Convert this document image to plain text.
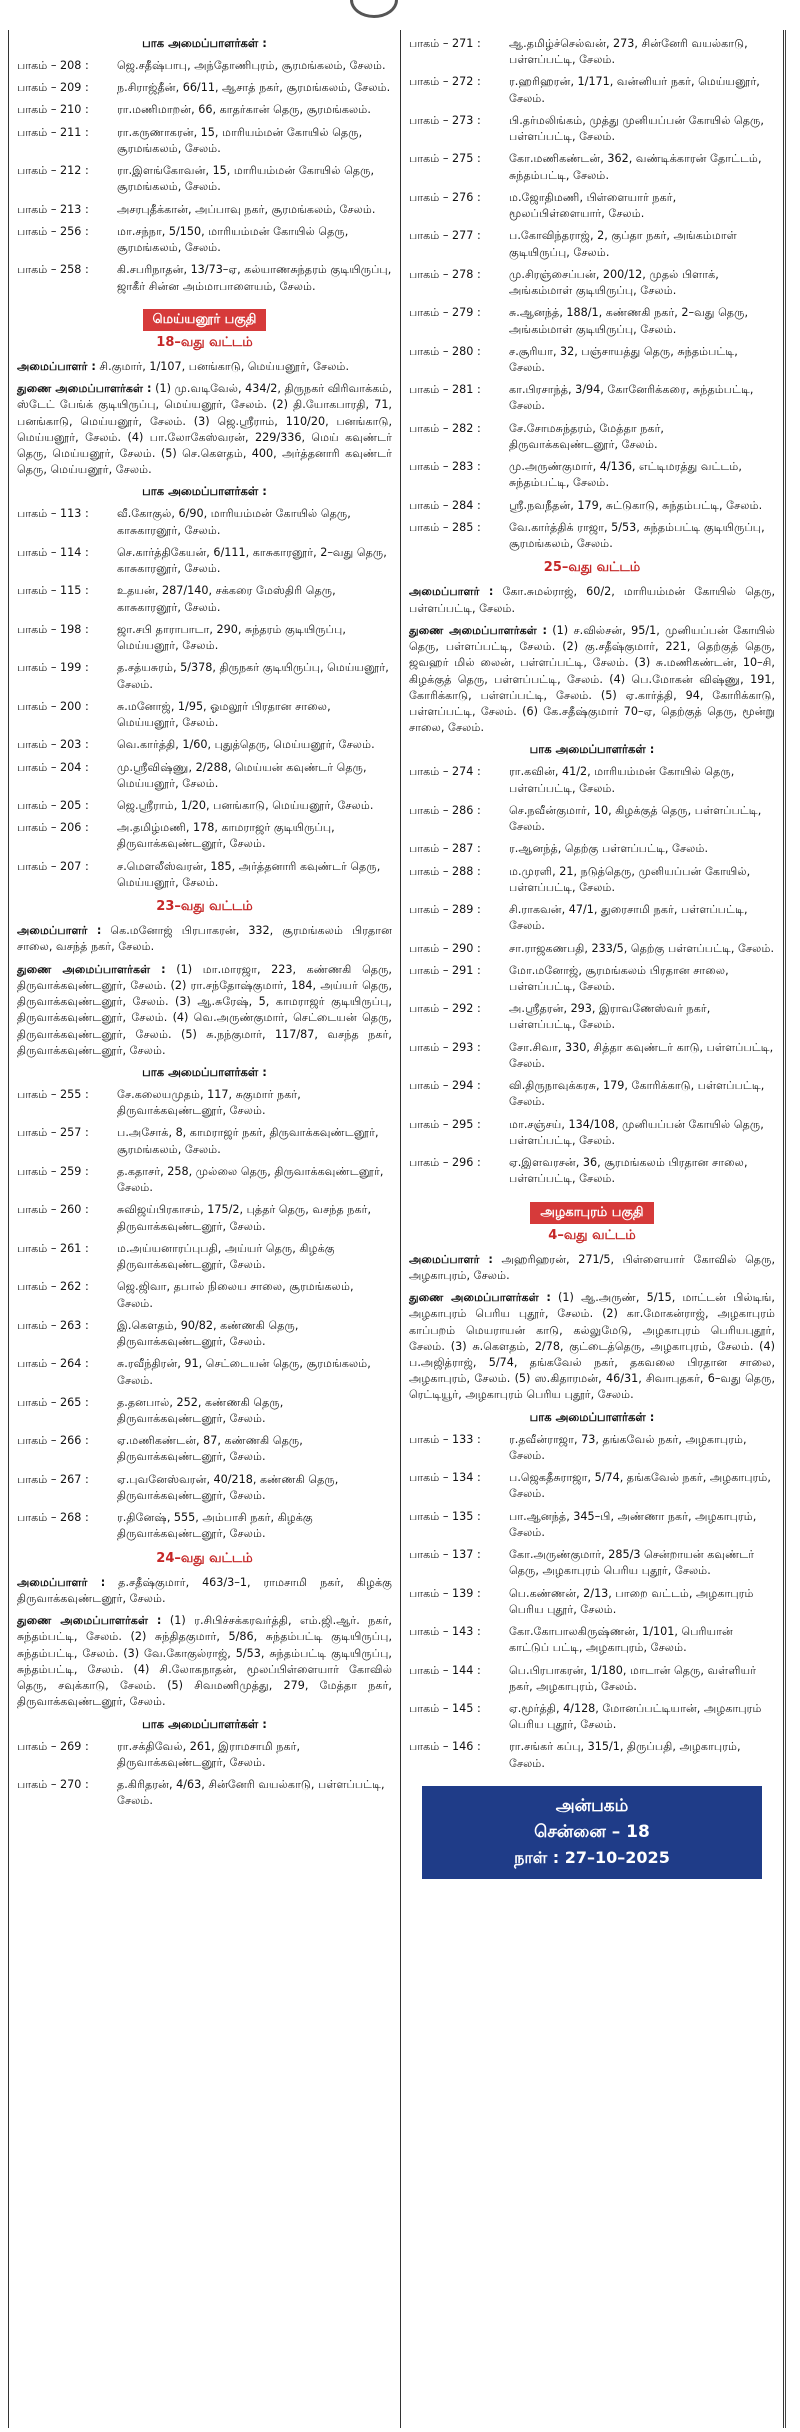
பாக அமைப்பாளர்கள் :
பாகம் – 208 :	ஜெ.சதீஷ்பாபு, அந்தோணிபுரம், சூரமங்கலம், சேலம்.
பாகம் – 209 :	ந.சிராஜ்தீன், 66/11, ஆசாத் நகர், சூரமங்கலம், சேலம்.
பாகம் – 210 :	ரா.மணிமாறன், 66, காதர்கான் தெரு, சூரமங்கலம்.
பாகம் – 211 :	ரா.கருணாகரன், 15, மாரியம்மன் கோயில் தெரு, சூரமங்கலம், சேலம்.
பாகம் – 212 :	ரா.இளங்கோவன், 15, மாரியம்மன் கோயில் தெரு, சூரமங்கலம், சேலம்.
பாகம் – 213 :	அசரபுதீக்கான், அப்பாவு நகர், சூரமங்கலம், சேலம்.
பாகம் – 256 :	மா.சந்நா, 5/150, மாரியம்மன் கோயில் தெரு, சூரமங்கலம், சேலம்.
பாகம் – 258 :	கி.சபரிநாதன், 13/73–ஏ, கல்யாணசுந்தரம் குடியிருப்பு, ஜாகீர் சின்ன அம்மாபாளையம், சேலம்.
மெய்யனூர் பகுதி
18–வது வட்டம்
அமைப்பாளர் : சி.குமார், 1/107, பனங்காடு, மெய்யனூர், சேலம்.
துணை அமைப்பாளர்கள் : (1) மு.வடிவேல், 434/2, திருநகர் விரிவாக்கம், ஸ்டேட் பேங்க் குடியிருப்பு, மெய்யனூர், சேலம். (2) தி.யோகபாரதி, 71, பனங்காடு, மெய்யனூர், சேலம். (3) ஜெ.ஸ்ரீராம், 110/20, பனங்காடு, மெய்யனூர், சேலம். (4) பா.லோகேஸ்வரன், 229/336, மெய் கவுண்டர் தெரு, மெய்யனூர், சேலம். (5) செ.கௌதம், 400, அர்த்தனாரி கவுண்டர் தெரு, மெய்யனூர், சேலம்.
பாக அமைப்பாளர்கள் :
பாகம் – 113 :	வீ.கோகுல், 6/90, மாரியம்மன் கோயில் தெரு, காசுகாரனூர், சேலம்.
பாகம் – 114 :	செ.கார்த்திகேயன், 6/111, காசுகாரனூர், 2–வது தெரு, காசுகாரனூர், சேலம்.
பாகம் – 115 :	உதயன், 287/140, சக்கரை மேஸ்திரி தெரு, காசுகாரனூர், சேலம்.
பாகம் – 198 :	ஜா.சபி தாராபாடா, 290, சுந்தரம் குடியிருப்பு, மெய்யனூர், சேலம்.
பாகம் – 199 :	த.சத்யசுரம், 5/378, திருநகர் குடியிருப்பு, மெய்யனூர், சேலம்.
பாகம் – 200 :	சு.மனோஜ், 1/95, ஓமலூர் பிரதான சாலை, மெய்யனூர், சேலம்.
பாகம் – 203 :	வெ.கார்த்தி, 1/60, புதுத்தெரு, மெய்யனூர், சேலம்.
பாகம் – 204 :	மு.ஸ்ரீவிஷ்ணு, 2/288, மெய்யன் கவுண்டர் தெரு, மெய்யனூர், சேலம்.
பாகம் – 205 :	ஜெ.ஸ்ரீராம், 1/20, பனங்காடு, மெய்யனூர், சேலம்.
பாகம் – 206 :	அ.தமிழ்மணி, 178, காமராஜர் குடியிருப்பு, திருவாக்கவுண்டனூர், சேலம்.
பாகம் – 207 :	ச.மெளலீஸ்வரன், 185, அர்த்தனாரி கவுண்டர் தெரு, மெய்யனூர், சேலம்.
23–வது வட்டம்
அமைப்பாளர் : கெ.மனோஜ் பிரபாகரன், 332, சூரமங்கலம் பிரதான சாலை, வசந்த் நகர், சேலம்.
துணை அமைப்பாளர்கள் : (1) மா.மாரஜா, 223, கண்ணகி தெரு, திருவாக்கவுண்டனூர், சேலம். (2) ரா.சந்தோஷ்குமார், 184, அய்யர் தெரு, திருவாக்கவுண்டனூர், சேலம். (3) ஆ.சுரேஷ், 5, காமராஜர் குடியிருப்பு, திருவாக்கவுண்டனூர், சேலம். (4) வெ.அருண்குமார், செட்டையன் தெரு, திருவாக்கவுண்டனூர், சேலம். (5) சு.நந்குமார், 117/87, வசந்த நகர், திருவாக்கவுண்டனூர், சேலம்.
பாக அமைப்பாளர்கள் :
பாகம் – 255 :	சே.கலையமுதம், 117, சுகுமார் நகர், திருவாக்கவுண்டனூர், சேலம்.
பாகம் – 257 :	ப.அசோக், 8, காமராஜர் நகர், திருவாக்கவுண்டனூர், சூரமங்கலம், சேலம்.
பாகம் – 259 :	த.கதாசர், 258, முல்லை தெரு, திருவாக்கவுண்டனூர், சேலம்.
பாகம் – 260 :	சுவிஜய்பிரகாசம், 175/2, புத்தர் தெரு, வசந்த நகர், திருவாக்கவுண்டனூர், சேலம்.
பாகம் – 261 :	ம.அய்யனாரப்புபதி, அய்யர் தெரு, கிழக்கு திருவாக்கவுண்டனூர், சேலம்.
பாகம் – 262 :	ஜெ.ஜிவா, தபால் நிலைய சாலை, சூரமங்கலம், சேலம்.
பாகம் – 263 :	இ.கௌதம், 90/82, கண்ணகி தெரு, திருவாக்கவுண்டனூர், சேலம்.
பாகம் – 264 :	சு.ரவீந்திரன், 91, செட்டையன் தெரு, சூரமங்கலம், சேலம்.
பாகம் – 265 :	த.தனபால், 252, கண்ணகி தெரு, திருவாக்கவுண்டனூர், சேலம்.
பாகம் – 266 :	ஏ.மணிகண்டன், 87, கண்ணகி தெரு, திருவாக்கவுண்டனூர், சேலம்.
பாகம் – 267 :	ஏ.புவனேஸ்வரன், 40/218, கண்ணகி தெரு, திருவாக்கவுண்டனூர், சேலம்.
பாகம் – 268 :	ர.தினேஷ், 555, அம்பாசி நகர், கிழக்கு திருவாக்கவுண்டனூர், சேலம்.
24–வது வட்டம்
அமைப்பாளர் : த.சதீஷ்குமார், 463/3–1, ராமசாமி நகர், கிழக்கு திருவாக்கவுண்டனூர், சேலம்.
துணை அமைப்பாளர்கள் : (1) ர.சிபிச்சக்கரவர்த்தி, எம்.ஜி.ஆர். நகர், சுந்தம்பட்டி, சேலம். (2) சுந்திதகுமார், 5/86, சுந்தம்பட்டி குடியிருப்பு, சுந்தம்பட்டி, சேலம். (3) வே.கோகுல்ராஜ், 5/53, சுந்தம்பட்டி குடியிருப்பு, சுந்தம்பட்டி, சேலம். (4) சி.லோகநாதன், மூலப்பிள்ளையார் கோவில் தெரு, சவுக்காடு, சேலம். (5) சிவமணிமுத்து, 279, மேத்தா நகர், திருவாக்கவுண்டனூர், சேலம்.
பாக அமைப்பாளர்கள் :
பாகம் – 269 :	ரா.சக்திவேல், 261, இராமசாமி நகர், திருவாக்கவுண்டனூர், சேலம்.
பாகம் – 270 :	த.கிரிதரன், 4/63, சின்னேரி வயல்காடு, பள்ளப்பட்டி, சேலம்.
பாகம் – 271 :	ஆ.தமிழ்ச்செல்வன், 273, சின்னேரி வயல்காடு, பள்ளப்பட்டி, சேலம்.
பாகம் – 272 :	ர.ஹரிஹரன், 1/171, வன்னியர் நகர், மெய்யனூர், சேலம்.
பாகம் – 273 :	பி.தர்மலிங்கம், முத்து முனியப்பன் கோயில் தெரு, பள்ளப்பட்டி, சேலம்.
பாகம் – 275 :	கோ.மணிகண்டன், 362, வண்டிக்காரன் தோட்டம், சுந்தம்பட்டி, சேலம்.
பாகம் – 276 :	ம.ஜோதிமணி, பிள்ளையார் நகர், மூலப்பிள்ளையார், சேலம்.
பாகம் – 277 :	ப.கோவிந்தராஜ், 2, குப்தா நகர், அங்கம்மாள் குடியிருப்பு, சேலம்.
பாகம் – 278 :	மு.சிரஞ்சைப்பன், 200/12, முதல் பிளாக், அங்கம்மாள் குடியிருப்பு, சேலம்.
பாகம் – 279 :	சு.ஆனந்த், 188/1, கண்ணகி நகர், 2–வது தெரு, அங்கம்மாள் குடியிருப்பு, சேலம்.
பாகம் – 280 :	ச.சூரியா, 32, பஞ்சாயத்து தெரு, சுந்தம்பட்டி, சேலம்.
பாகம் – 281 :	கா.பிரசாந்த், 3/94, கோனேரிக்கரை, சுந்தம்பட்டி, சேலம்.
பாகம் – 282 :	சே.சோமசுந்தரம், மேத்தா நகர், திருவாக்கவுண்டனூர், சேலம்.
பாகம் – 283 :	மு.அருண்குமார், 4/136, எட்டிமரத்து வட்டம், சுந்தம்பட்டி, சேலம்.
பாகம் – 284 :	ஸ்ரீ.நவநீதன், 179, சுட்டுகாடு, சுந்தம்பட்டி, சேலம்.
பாகம் – 285 :	வே.கார்த்திக் ராஜா, 5/53, சுந்தம்பட்டி குடியிருப்பு, சூரமங்கலம், சேலம்.
25–வது வட்டம்
அமைப்பாளர் : கோ.சுமல்ராஜ், 60/2, மாரியம்மன் கோயில் தெரு, பள்ளப்பட்டி, சேலம்.
துணை அமைப்பாளர்கள் : (1) ச.வில்சன், 95/1, முனியப்பன் கோயில் தெரு, பள்ளப்பட்டி, சேலம். (2) கு.சதீஷ்குமார், 221, தெற்குத் தெரு, ஜவஹர் மில் லைன், பள்ளப்பட்டி, சேலம். (3) சு.மணிகண்டன், 10–சி, கிழக்குத் தெரு, பள்ளப்பட்டி, சேலம். (4) பெ.மோகன் விஷ்ணு, 191, கோரிக்காடு, பள்ளப்பட்டி, சேலம். (5) ஏ.கார்த்தி, 94, கோரிக்காடு, பள்ளப்பட்டி, சேலம். (6) கே.சதீஷ்குமார் 70–ஏ, தெற்குத் தெரு, மூன்று சாலை, சேலம்.
பாக அமைப்பாளர்கள் :
பாகம் – 274 :	ரா.கவின், 41/2, மாரியம்மன் கோயில் தெரு, பள்ளப்பட்டி, சேலம்.
பாகம் – 286 :	செ.நவீன்குமார், 10, கிழக்குத் தெரு, பள்ளப்பட்டி, சேலம்.
பாகம் – 287 :	ர.ஆனந்த், தெற்கு பள்ளப்பட்டி, சேலம்.
பாகம் – 288 :	ம.முரளி, 21, நடுத்தெரு, முனியப்பன் கோயில், பள்ளப்பட்டி, சேலம்.
பாகம் – 289 :	சி.ராகவன், 47/1, துரைசாமி நகர், பள்ளப்பட்டி, சேலம்.
பாகம் – 290 :	சா.ராஜகணபதி, 233/5, தெற்கு பள்ளப்பட்டி, சேலம்.
பாகம் – 291 :	மோ.மனோஜ், சூரமங்கலம் பிரதான சாலை, பள்ளப்பட்டி, சேலம்.
பாகம் – 292 :	அ.ஸ்ரீதரன், 293, இராவணேஸ்வர் நகர், பள்ளப்பட்டி, சேலம்.
பாகம் – 293 :	சோ.சிவா, 330, சித்தா கவுண்டர் காடு, பள்ளப்பட்டி, சேலம்.
பாகம் – 294 :	வி.திருநாவுக்கரசு, 179, கோரிக்காடு, பள்ளப்பட்டி, சேலம்.
பாகம் – 295 :	மா.சஞ்சய், 134/108, முனியப்பன் கோயில் தெரு, பள்ளப்பட்டி, சேலம்.
பாகம் – 296 :	ஏ.இளவரசன், 36, சூரமங்கலம் பிரதான சாலை, பள்ளப்பட்டி, சேலம்.
அழகாபுரம் பகுதி
4–வது வட்டம்
அமைப்பாளர் : அஹரிஹரன், 271/5, பிள்ளையார் கோவில் தெரு, அழகாபுரம், சேலம்.
துணை அமைப்பாளர்கள் : (1) ஆ.அருண், 5/15, மாட்டன் பில்டிங், அழகாபுரம் பெரிய புதூர், சேலம். (2) கா.மோகன்ராஜ், அழகாபுரம் காப்பறம் மெயராயன் காடு, கல்லுமேடு, அழகாபுரம் பெரியபுதூர், சேலம். (3) சு.கௌதம், 2/78, குட்டைத்தெரு, அழகாபுரம், சேலம். (4) ப.அஜித்ராஜ், 5/74, தங்கவேல் நகர், தகவலை பிரதான சாலை, அழகாபுரம், சேலம். (5) ஸ.கிதாரமன், 46/31, சிவாபுதகர், 6–வது தெரு, ரெட்டியூர், அழகாபுரம் பெரிய புதூர், சேலம்.
பாக அமைப்பாளர்கள் :
பாகம் – 133 :	ர.தவீன்ராஜா, 73, தங்கவேல் நகர், அழகாபுரம், சேலம்.
பாகம் – 134 :	ப.ஜெகதீசுராஜா, 5/74, தங்கவேல் நகர், அழகாபுரம், சேலம்.
பாகம் – 135 :	பா.ஆனந்த், 345–பி, அண்ணா நகர், அழகாபுரம், சேலம்.
பாகம் – 137 :	கோ.அருண்குமார், 285/3 சென்றாயன் கவுண்டர் தெரு, அழகாபுரம் பெரிய புதூர், சேலம்.
பாகம் – 139 :	பெ.கண்ணன், 2/13, பாறை வட்டம், அழகாபுரம் பெரிய புதூர், சேலம்.
பாகம் – 143 :	கோ.கோபாலகிருஷ்ணன், 1/101, பெரியான் காட்டுப் பட்டி, அழகாபுரம், சேலம்.
பாகம் – 144 :	பெ.பிரபாகரன், 1/180, மாடான் தெரு, வள்ளியர் நகர், அழகாபுரம், சேலம்.
பாகம் – 145 :	ஏ.மூர்த்தி, 4/128, மோனப்பட்டியான், அழகாபுரம் பெரிய புதூர், சேலம்.
பாகம் – 146 :	ரா.சங்கர் கப்பு, 315/1, திருப்பதி, அழகாபுரம், சேலம்.
அன்பகம்
சென்னை – 18
நாள் : 27–10–2025
